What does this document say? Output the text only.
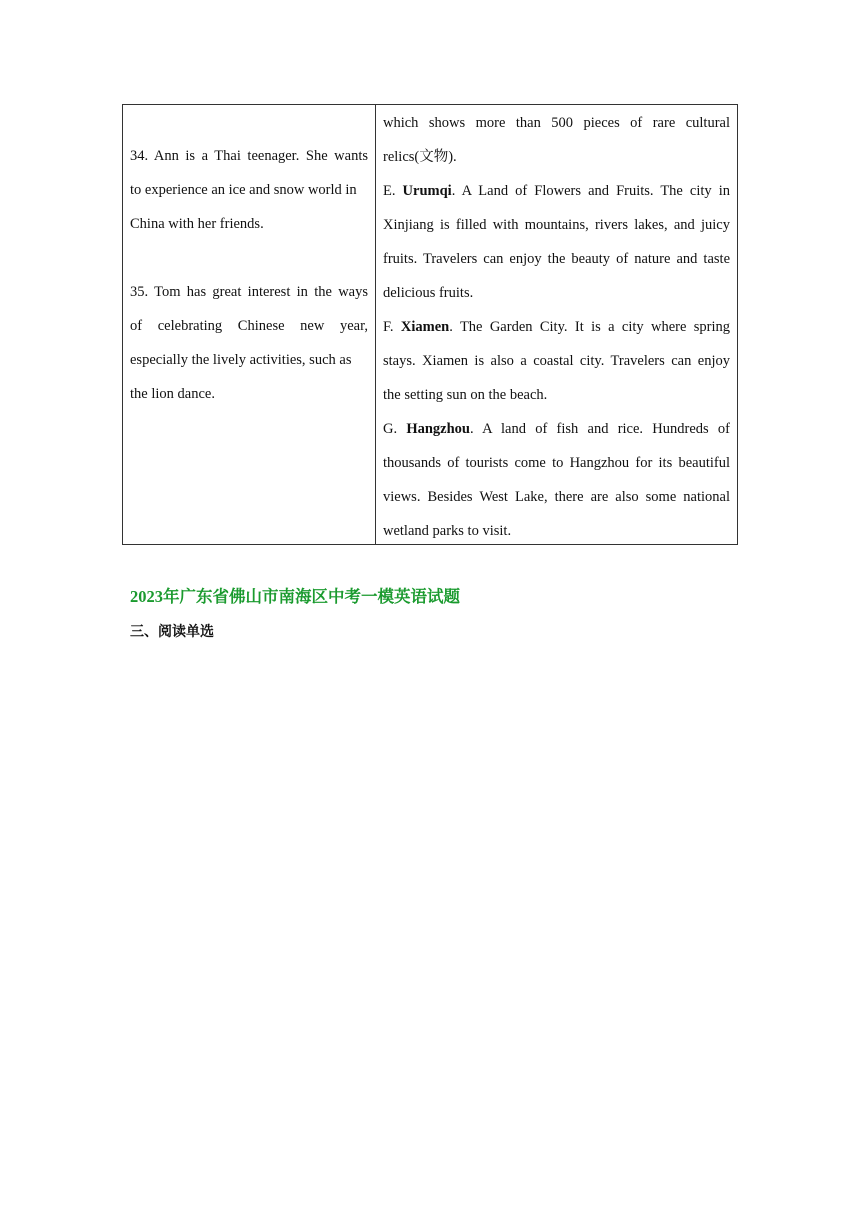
34. Ann is a Thai teenager. She wants
to experience an ice and snow world in
China with her friends.
35. Tom has great interest in the ways
of celebrating Chinese new year,
especially the lively activities, such as
the lion dance.
which shows more than 500 pieces of rare cultural
relics(文物).
E. Urumqi. A Land of Flowers and Fruits. The city in
Xinjiang is filled with mountains, rivers lakes, and juicy
fruits. Travelers can enjoy the beauty of nature and taste
delicious fruits.
F. Xiamen. The Garden City. It is a city where spring
stays. Xiamen is also a coastal city. Travelers can enjoy
the setting sun on the beach.
G. Hangzhou. A land of fish and rice. Hundreds of
thousands of tourists come to Hangzhou for its beautiful
views. Besides West Lake, there are also some national
wetland parks to visit.
2023年广东省佛山市南海区中考一模英语试题
三、阅读单选
